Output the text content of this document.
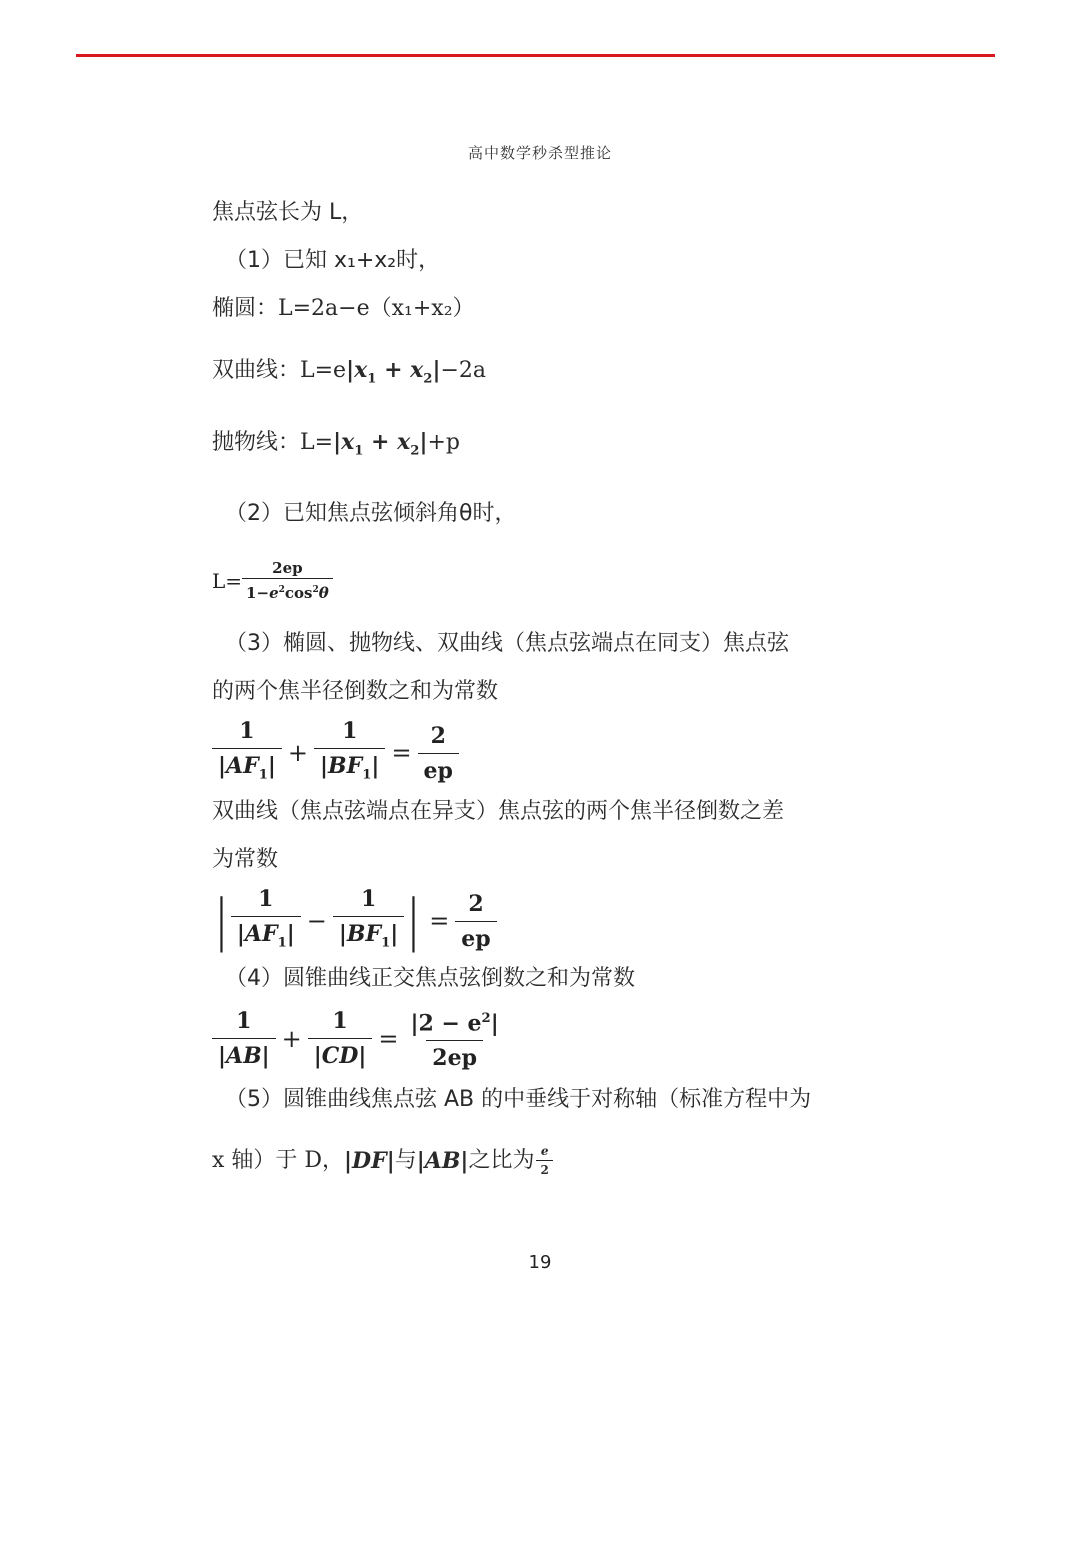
高中数学秒杀型推论
焦点弦长为 L，
（1）已知 x₁+x₂时，
椭圆：L=2a−e（x₁+x₂）
双曲线：$L=e|x_1 + x_2|-2a$
抛物线：$L=|x_1 + x_2|+p$
（2）已知焦点弦倾斜角θ时，
$L= \frac{2ep}{1-e^2\cos^2\theta}$
（3）椭圆、抛物线、双曲线（焦点弦端点在同支）焦点弦
的两个焦半径倒数之和为常数
$\frac{1}{|AF_1|} + \frac{1}{|BF_1|} = \frac{2}{ep}$
双曲线（焦点弦端点在异支）焦点弦的两个焦半径倒数之差
为常数
| $\frac{1}{|AF_1|} - \frac{1}{|BF_1|}$ | = $\frac{2}{ep}$
（4）圆锥曲线正交焦点弦倒数之和为常数
$\frac{1}{|AB|} + \frac{1}{|CD|} = \frac{|2 - e^2|}{2ep}$
（5）圆锥曲线焦点弦 AB 的中垂线于对称轴（标准方程中为
x 轴）于 D， |DF| 与 |AB| 之比为 $\frac{e}{2}$
19
